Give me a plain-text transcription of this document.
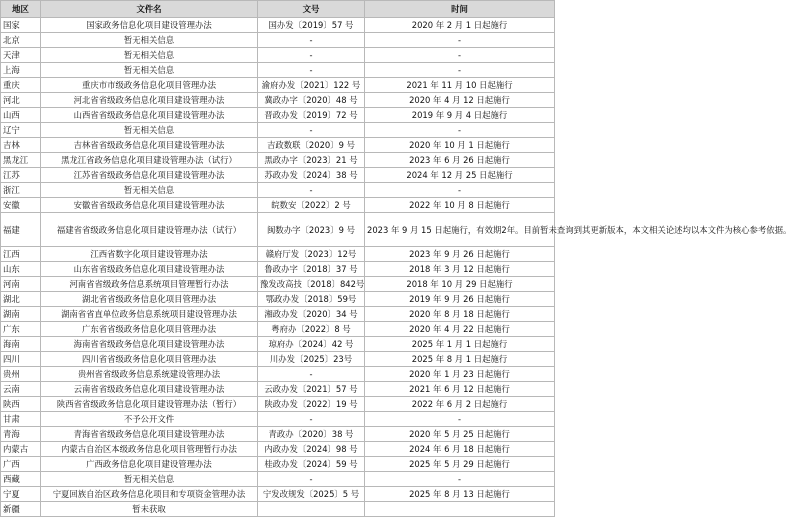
地区	文件名	文号	时间
国家	国家政务信息化项目建设管理办法	国办发〔2019〕57 号	2020 年 2 月 1 日起施行
北京	暂无相关信息	-	-
天津	暂无相关信息	-	-
上海	暂无相关信息	-	-
重庆	重庆市市级政务信息化项目管理办法	渝府办发〔2021〕122 号	2021 年 11 月 10 日起施行
河北	河北省省级政务信息化项目建设管理办法	冀政办字〔2020〕48 号	2020 年 4 月 12 日起施行
山西	山西省省级政务信息化项目建设管理办法	晋政办发〔2019〕72 号	2019 年 9 月 4 日起施行
辽宁	暂无相关信息	-	-
吉林	吉林省省级政务信息化项目建设管理办法	吉政数联〔2020〕9 号	2020 年 10 月 1 日起施行
黑龙江	黑龙江省政务信息化项目建设管理办法（试行）	黑政办字〔2023〕21 号	2023 年 6 月 26 日起施行
江苏	江苏省省级政务信息化项目建设管理办法	苏政办发〔2024〕38 号	2024 年 12 月 25 日起施行
浙江	暂无相关信息	-	-
安徽	安徽省省级政务信息化项目建设管理办法	皖数安〔2022〕2 号	2022 年 10 月 8 日起施行
福建	福建省省级政务信息化项目建设管理办法（试行）	闽数办字〔2023〕9 号	2023 年 9 月 15 日起施行，有效期2年。目前暂未查询到其更新版本，本文相关论述均以本文件为核心参考依据。
江西	江西省数字化项目建设管理办法	赣府厅发〔2023〕12号	2023 年 9 月 26 日起施行
山东	山东省省级政务信息化项目建设管理办法	鲁政办字〔2018〕37 号	2018 年 3 月 12 日起施行
河南	河南省省级政务信息系统项目管理暂行办法	豫发改高技〔2018〕842号	2018 年 10 月 29 日起施行
湖北	湖北省省级政务信息化项目管理办法	鄂政办发〔2018〕59号	2019 年 9 月 26 日起施行
湖南	湖南省省直单位政务信息系统项目建设管理办法	湘政办发〔2020〕34 号	2020 年 8 月 18 日起施行
广东	广东省省级政务信息化项目管理办法	粤府办〔2022〕8 号	2020 年 4 月 22 日起施行
海南	海南省省级政务信息化项目建设管理办法	琼府办〔2024〕42 号	2025 年 1 月 1 日起施行
四川	四川省省级政务信息化项目管理办法	川办发〔2025〕23号	2025 年 8 月 1 日起施行
贵州	贵州省省级政务信息系统建设管理办法	-	2020 年 1 月 23 日起施行
云南	云南省省级政务信息化项目建设管理办法	云政办发〔2021〕57 号	2021 年 6 月 12 日起施行
陕西	陕西省省级政务信息化项目建设管理办法（暂行）	陕政办发〔2022〕19 号	2022 年 6 月 2 日起施行
甘肃	不予公开文件	-	-
青海	青海省省级政务信息化项目建设管理办法	青政办〔2020〕38 号	2020 年 5 月 25 日起施行
内蒙古	内蒙古自治区本级政务信息化项目管理暂行办法	内政办发〔2024〕98 号	2024 年 6 月 18 日起施行
广西	广西政务信息化项目建设管理办法	桂政办发〔2024〕59 号	2025 年 5 月 29 日起施行
西藏	暂无相关信息	-	-
宁夏	宁夏回族自治区政务信息化项目和专项资金管理办法	宁发改规发〔2025〕5 号	2025 年 8 月 13 日起施行
新疆	暂未获取		
